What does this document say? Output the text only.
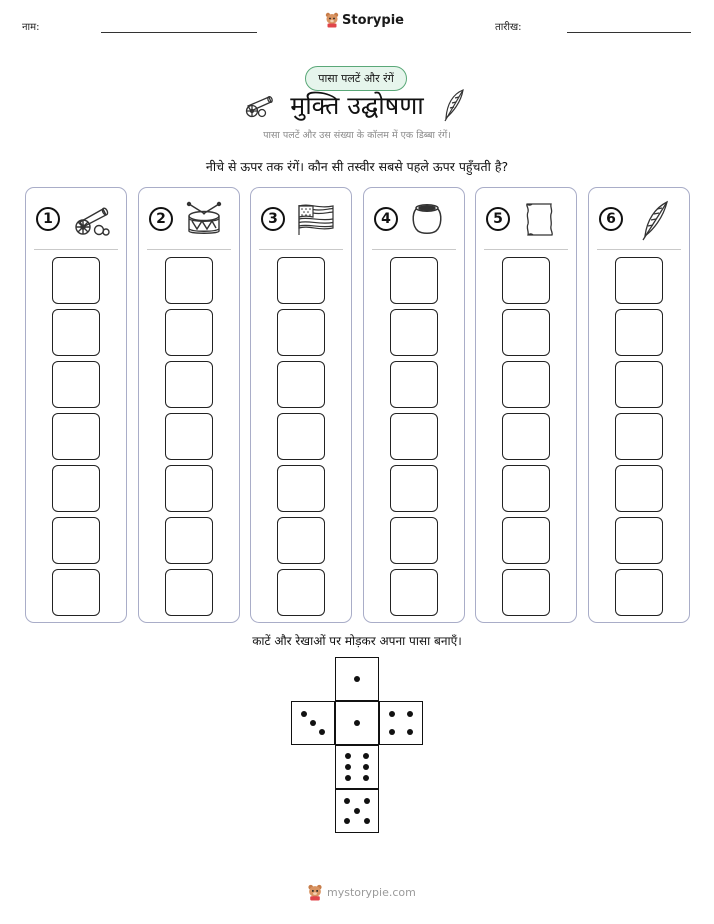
नाम:	Storypie	तारीख:
पासा पलटें और रंगें
मुक्ति उद्घोषणा
पासा पलटें और उस संख्या के कॉलम में एक डिब्बा रंगें।
नीचे से ऊपर तक रंगें। कौन सी तस्वीर सबसे पहले ऊपर पहुँचती है?
1	2	3	4	5	6
काटें और रेखाओं पर मोड़कर अपना पासा बनाएँ।
mystorypie.com
